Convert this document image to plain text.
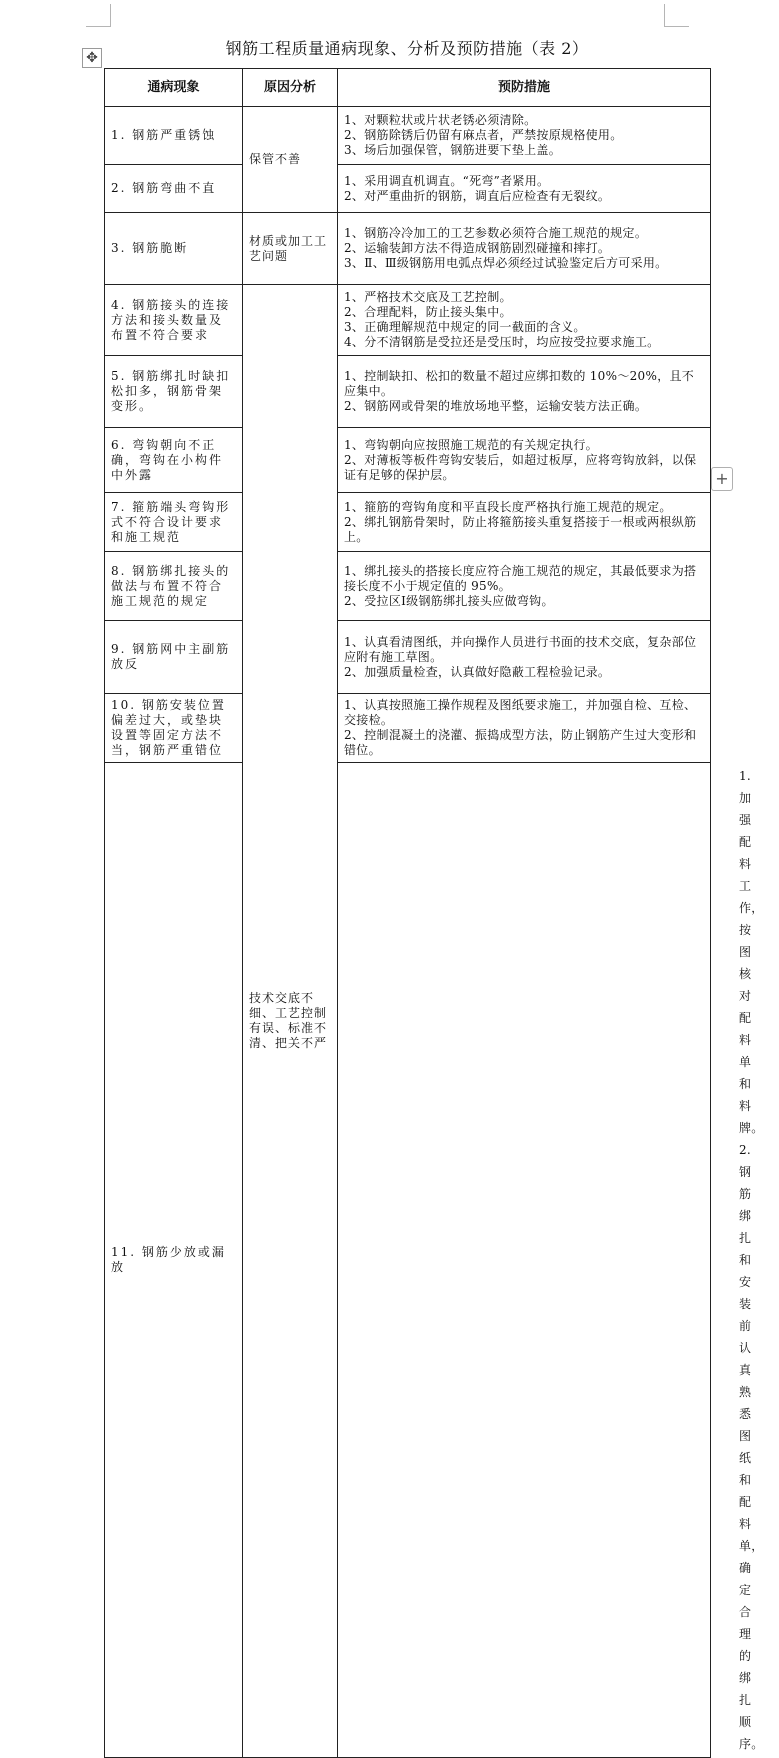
✥
+
钢筋工程质量通病现象、分析及预防措施（表 2）
通病现象	原因分析	预防措施	
1. 钢筋严重锈蚀	保管不善	1、对颗粒状或片状老锈必须清除。
2、钢筋除锈后仍留有麻点者，严禁按原规格使用。
3、场后加强保管，钢筋进要下垫上盖。	

2. 钢筋弯曲不直		1、采用调直机调直。“死弯”者紧用。
2、对严重曲折的钢筋，调直后应检查有无裂纹。	

3. 钢筋脆断	材质或加工工艺问题	1、钢筋冷冷加工的工艺参数必须符合施工规范的规定。
2、运输装卸方法不得造成钢筋剧烈碰撞和摔打。
3、Ⅱ、Ⅲ级钢筋用电弧点焊必须经过试验鉴定后方可采用。	

4. 钢筋接头的连接方法和接头数量及布置不符合要求	技术交底不细、工艺控制有误、标准不清、把关不严	1、严格技术交底及工艺控制。
2、合理配料，防止接头集中。
3、正确理解规范中规定的同一截面的含义。
4、分不清钢筋是受拉还是受压时，均应按受拉要求施工。	

5. 钢筋绑扎时缺扣松扣多，钢筋骨架变形。		1、控制缺扣、松扣的数量不超过应绑扣数的 10%～20%，且不应集中。
2、钢筋网或骨架的堆放场地平整，运输安装方法正确。	

6. 弯钩朝向不正确，弯钩在小构件中外露		1、弯钩朝向应按照施工规范的有关规定执行。
2、对薄板等板件弯钩安装后，如超过板厚，应将弯钩放斜，以保证有足够的保护层。	

7. 箍筋端头弯钩形式不符合设计要求和施工规范		1、箍筋的弯钩角度和平直段长度严格执行施工规范的规定。
2、绑扎钢筋骨架时，防止将箍筋接头重复搭接于一根或两根纵筋上。	

8. 钢筋绑扎接头的做法与布置不符合施工规范的规定		1、绑扎接头的搭接长度应符合施工规范的规定，其最低要求为搭接长度不小于规定值的 95%。
2、受拉区Ⅰ级钢筋绑扎接头应做弯钩。	

9. 钢筋网中主副筋放反		1、认真看清图纸，并向操作人员进行书面的技术交底，复杂部位应附有施工草图。
2、加强质量检查，认真做好隐蔽工程检验记录。	

10. 钢筋安装位置偏差过大，或垫块设置等固定方法不当，钢筋严重错位		1、认真按照施工操作规程及图纸要求施工，并加强自检、互检、交接检。
2、控制混凝土的浇灌、振捣成型方法，防止钢筋产生过大变形和错位。	

11. 钢筋少放或漏放			1. 加强配料工作，按图核对配料单和料牌。
2. 钢筋绑扎和安装前认真熟悉图纸和配料单，确定合理的绑扎顺序。
